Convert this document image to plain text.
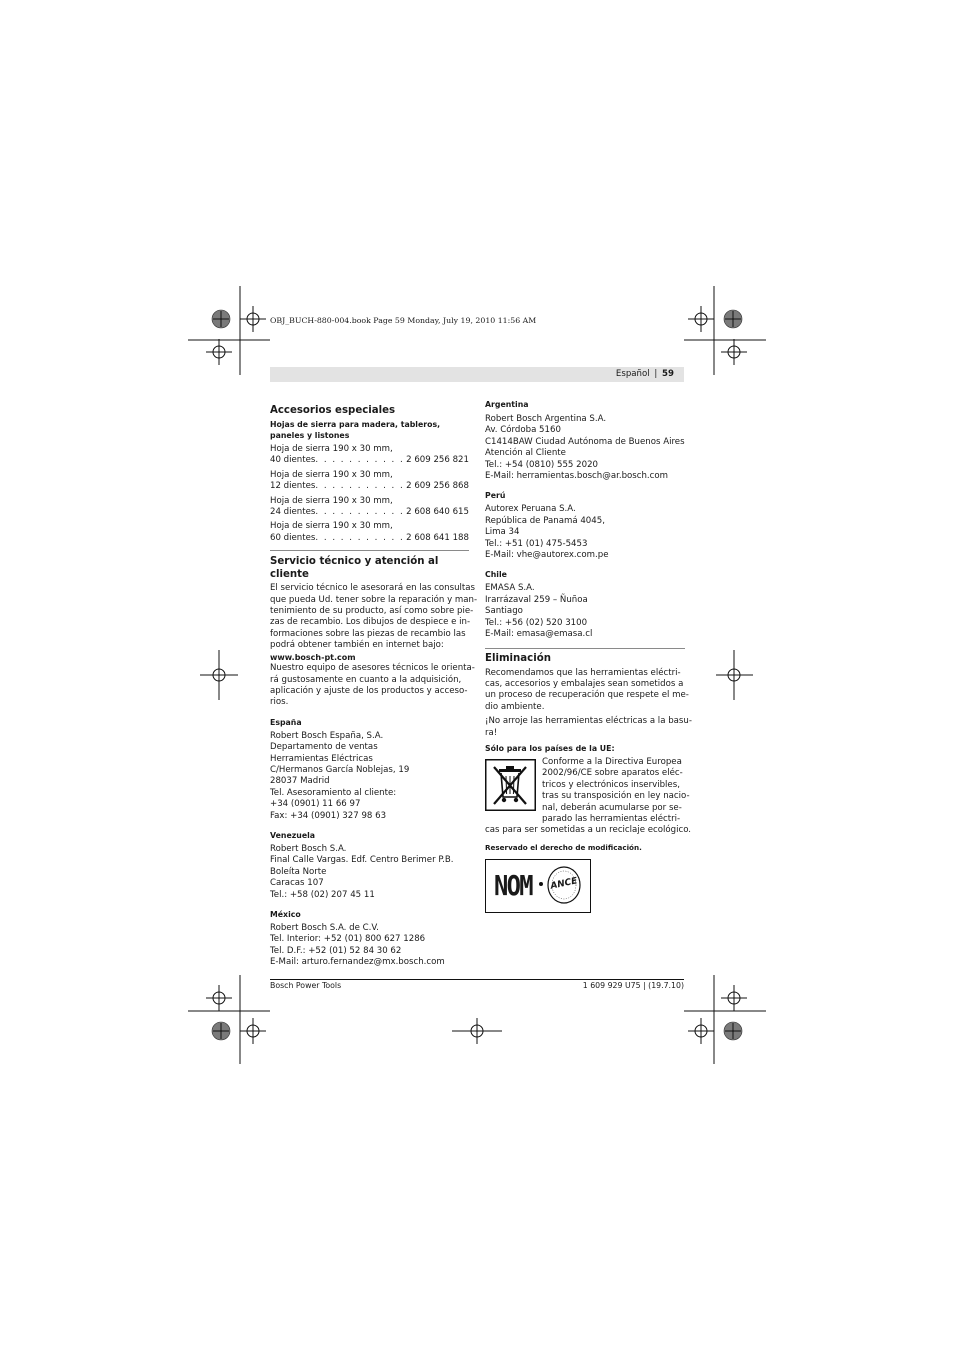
OBJ_BUCH-880-004.book Page 59 Monday, July 19, 2010 11:56 AM
Español | 59
Accesorios especiales
Hojas de sierra para madera, tableros, paneles y listones
Hoja de sierra 190 x 30 mm,
40 dientes . . .	2 609 256 821
Hoja de sierra 190 x 30 mm,
12 dientes . . .	2 609 256 868
Hoja de sierra 190 x 30 mm,
24 dientes . . .	2 608 640 615
Hoja de sierra 190 x 30 mm,
60 dientes . . .	2 608 641 188
Servicio técnico y atención al cliente
El servicio técnico le asesorará en las consultas
que pueda Ud. tener sobre la reparación y man-
tenimiento de su producto, así como sobre pie-
zas de recambio. Los dibujos de despiece e in-
formaciones sobre las piezas de recambio las
podrá obtener también en internet bajo:
www.bosch-pt.com
Nuestro equipo de asesores técnicos le orienta-
rá gustosamente en cuanto a la adquisición,
aplicación y ajuste de los productos y acceso-
rios.
España
Robert Bosch España, S.A.
Departamento de ventas
Herramientas Eléctricas
C/Hermanos García Noblejas, 19
28037 Madrid
Tel. Asesoramiento al cliente:
+34 (0901) 11 66 97
Fax: +34 (0901) 327 98 63
Venezuela
Robert Bosch S.A.
Final Calle Vargas. Edf. Centro Berimer P.B.
Boleíta Norte
Caracas 107
Tel.: +58 (02) 207 45 11
México
Robert Bosch S.A. de C.V.
Tel. Interior: +52 (01) 800 627 1286
Tel. D.F.: +52 (01) 52 84 30 62
E-Mail: arturo.fernandez@mx.bosch.com
Argentina
Robert Bosch Argentina S.A.
Av. Córdoba 5160
C1414BAW Ciudad Autónoma de Buenos Aires
Atención al Cliente
Tel.: +54 (0810) 555 2020
E-Mail: herramientas.bosch@ar.bosch.com
Perú
Autorex Peruana S.A.
República de Panamá 4045,
Lima 34
Tel.: +51 (01) 475-5453
E-Mail: vhe@autorex.com.pe
Chile
EMASA S.A.
Irarrázaval 259 – Ñuñoa
Santiago
Tel.: +56 (02) 520 3100
E-Mail: emasa@emasa.cl
Eliminación
Recomendamos que las herramientas eléctri-
cas, accesorios y embalajes sean sometidos a
un proceso de recuperación que respete el me-
dio ambiente.
¡No arroje las herramientas eléctricas a la basu-
ra!
Sólo para los países de la UE:
Conforme a la Directiva Europea
2002/96/CE sobre aparatos eléc-
tricos y electrónicos inservibles,
tras su transposición en ley nacio-
nal, deberán acumularse por se-
parado las herramientas eléctri-
cas para ser sometidas a un reciclaje ecológico.
Reservado el derecho de modificación.
NOM ANCE
Bosch Power Tools	1 609 929 U75 | (19.7.10)
